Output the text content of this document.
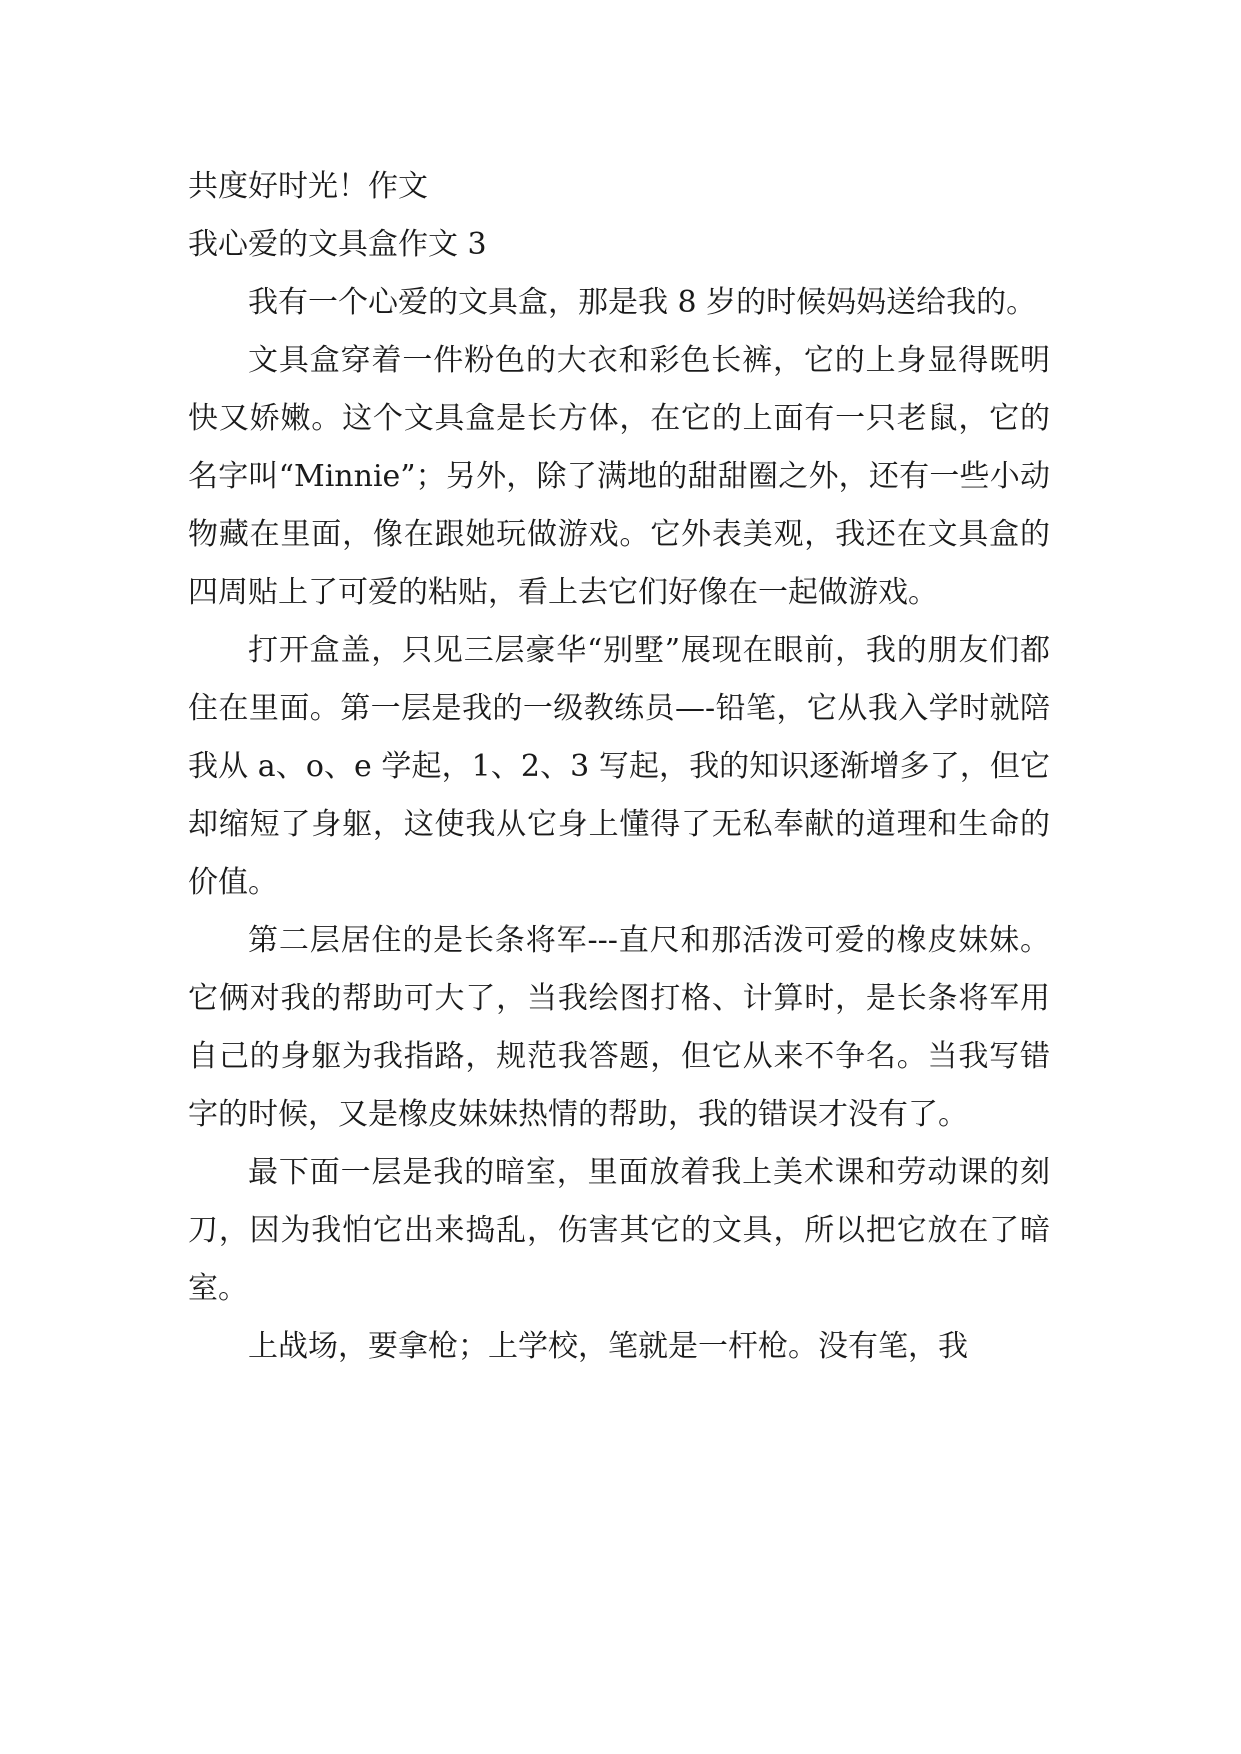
共度好时光！作文

我心爱的文具盒作文 3

我有一个心爱的文具盒，那是我 8 岁的时候妈妈送给我的。

文具盒穿着一件粉色的大衣和彩色长裤，它的上身显得既明快又娇嫩。这个文具盒是长方体，在它的上面有一只老鼠，它的名字叫“Minnie”；另外，除了满地的甜甜圈之外，还有一些小动物藏在里面，像在跟她玩做游戏。它外表美观，我还在文具盒的四周贴上了可爱的粘贴，看上去它们好像在一起做游戏。

打开盒盖，只见三层豪华“别墅”展现在眼前，我的朋友们都住在里面。第一层是我的一级教练员—-铅笔，它从我入学时就陪我从 a、o、e 学起，1、2、3 写起，我的知识逐渐增多了，但它却缩短了身躯，这使我从它身上懂得了无私奉献的道理和生命的价值。

第二层居住的是长条将军---直尺和那活泼可爱的橡皮妹妹。它俩对我的帮助可大了，当我绘图打格、计算时，是长条将军用自己的身躯为我指路，规范我答题，但它从来不争名。当我写错字的时候，又是橡皮妹妹热情的帮助，我的错误才没有了。

最下面一层是我的暗室，里面放着我上美术课和劳动课的刻刀，因为我怕它出来捣乱，伤害其它的文具，所以把它放在了暗室。

上战场，要拿枪；上学校，笔就是一杆枪。没有笔，我
